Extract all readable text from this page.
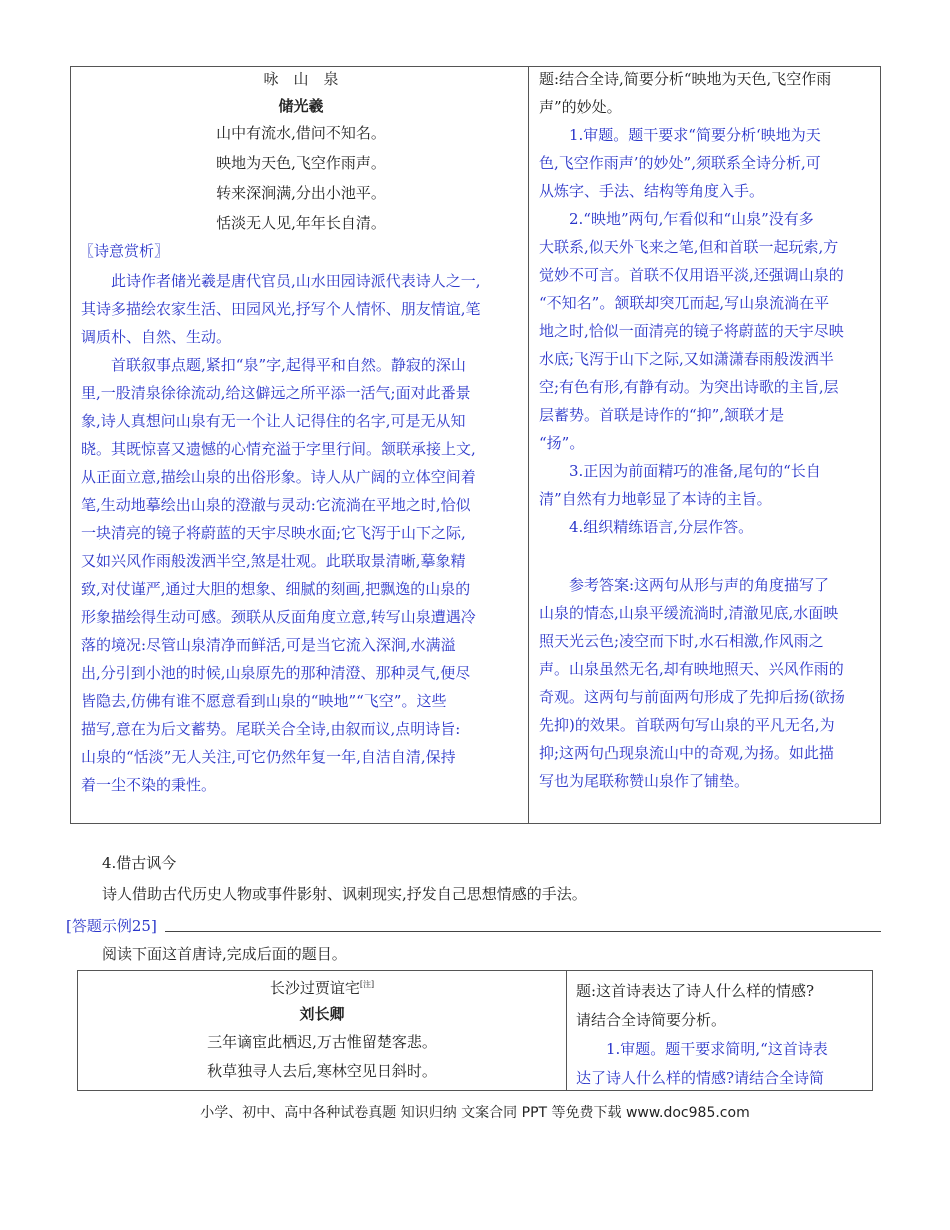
咏　山　泉
储光羲
山中有流水,借问不知名。
映地为天色,飞空作雨声。
转来深涧满,分出小池平。
恬淡无人见,年年长自清。
〖诗意赏析〗
　　此诗作者储光羲是唐代官员,山水田园诗派代表诗人之一,
其诗多描绘农家生活、田园风光,抒写个人情怀、朋友情谊,笔
调质朴、自然、生动。
　　首联叙事点题,紧扣“泉”字,起得平和自然。静寂的深山
里,一股清泉徐徐流动,给这僻远之所平添一活气;面对此番景
象,诗人真想问山泉有无一个让人记得住的名字,可是无从知
晓。其既惊喜又遗憾的心情充溢于字里行间。颔联承接上文,
从正面立意,描绘山泉的出俗形象。诗人从广阔的立体空间着
笔,生动地摹绘出山泉的澄澈与灵动:它流淌在平地之时,恰似
一块清亮的镜子将蔚蓝的天宇尽映水面;它飞泻于山下之际,
又如兴风作雨般泼洒半空,煞是壮观。此联取景清晰,摹象精
致,对仗谨严,通过大胆的想象、细腻的刻画,把飘逸的山泉的
形象描绘得生动可感。颈联从反面角度立意,转写山泉遭遇冷
落的境况:尽管山泉清净而鲜活,可是当它流入深涧,水满溢
出,分引到小池的时候,山泉原先的那种清澄、那种灵气,便尽
皆隐去,仿佛有谁不愿意看到山泉的“映地”“飞空”。这些
描写,意在为后文蓄势。尾联关合全诗,由叙而议,点明诗旨:
山泉的“恬淡”无人关注,可它仍然年复一年,自洁自清,保持
着一尘不染的秉性。
题:结合全诗,简要分析“映地为天色,飞空作雨
声”的妙处。
　　1.审题。题干要求“简要分析‘映地为天
色,飞空作雨声’的妙处”,须联系全诗分析,可
从炼字、手法、结构等角度入手。
　　2.“映地”两句,乍看似和“山泉”没有多
大联系,似天外飞来之笔,但和首联一起玩索,方
觉妙不可言。首联不仅用语平淡,还强调山泉的
“不知名”。颔联却突兀而起,写山泉流淌在平
地之时,恰似一面清亮的镜子将蔚蓝的天宇尽映
水底;飞泻于山下之际,又如潇潇春雨般泼洒半
空;有色有形,有静有动。为突出诗歌的主旨,层
层蓄势。首联是诗作的“抑”,颔联才是
“扬”。
　　3.正因为前面精巧的准备,尾句的“长自
清”自然有力地彰显了本诗的主旨。
　　4.组织精练语言,分层作答。
　　参考答案:这两句从形与声的角度描写了
山泉的情态,山泉平缓流淌时,清澈见底,水面映
照天光云色;凌空而下时,水石相激,作风雨之
声。山泉虽然无名,却有映地照天、兴风作雨的
奇观。这两句与前面两句形成了先抑后扬(欲扬
先抑)的效果。首联两句写山泉的平凡无名,为
抑;这两句凸现泉流山中的奇观,为扬。如此描
写也为尾联称赞山泉作了铺垫。
4.借古讽今
诗人借助古代历史人物或事件影射、讽刺现实,抒发自己思想情感的手法。
[答题示例25]
阅读下面这首唐诗,完成后面的题目。
长沙过贾谊宅[注]
刘长卿
三年谪宦此栖迟,万古惟留楚客悲。
秋草独寻人去后,寒林空见日斜时。
题:这首诗表达了诗人什么样的情感?
请结合全诗简要分析。
　　1.审题。题干要求简明,“这首诗表
达了诗人什么样的情感?请结合全诗简
小学、初中、高中各种试卷真题 知识归纳 文案合同 PPT 等免费下载 www.doc985.com
